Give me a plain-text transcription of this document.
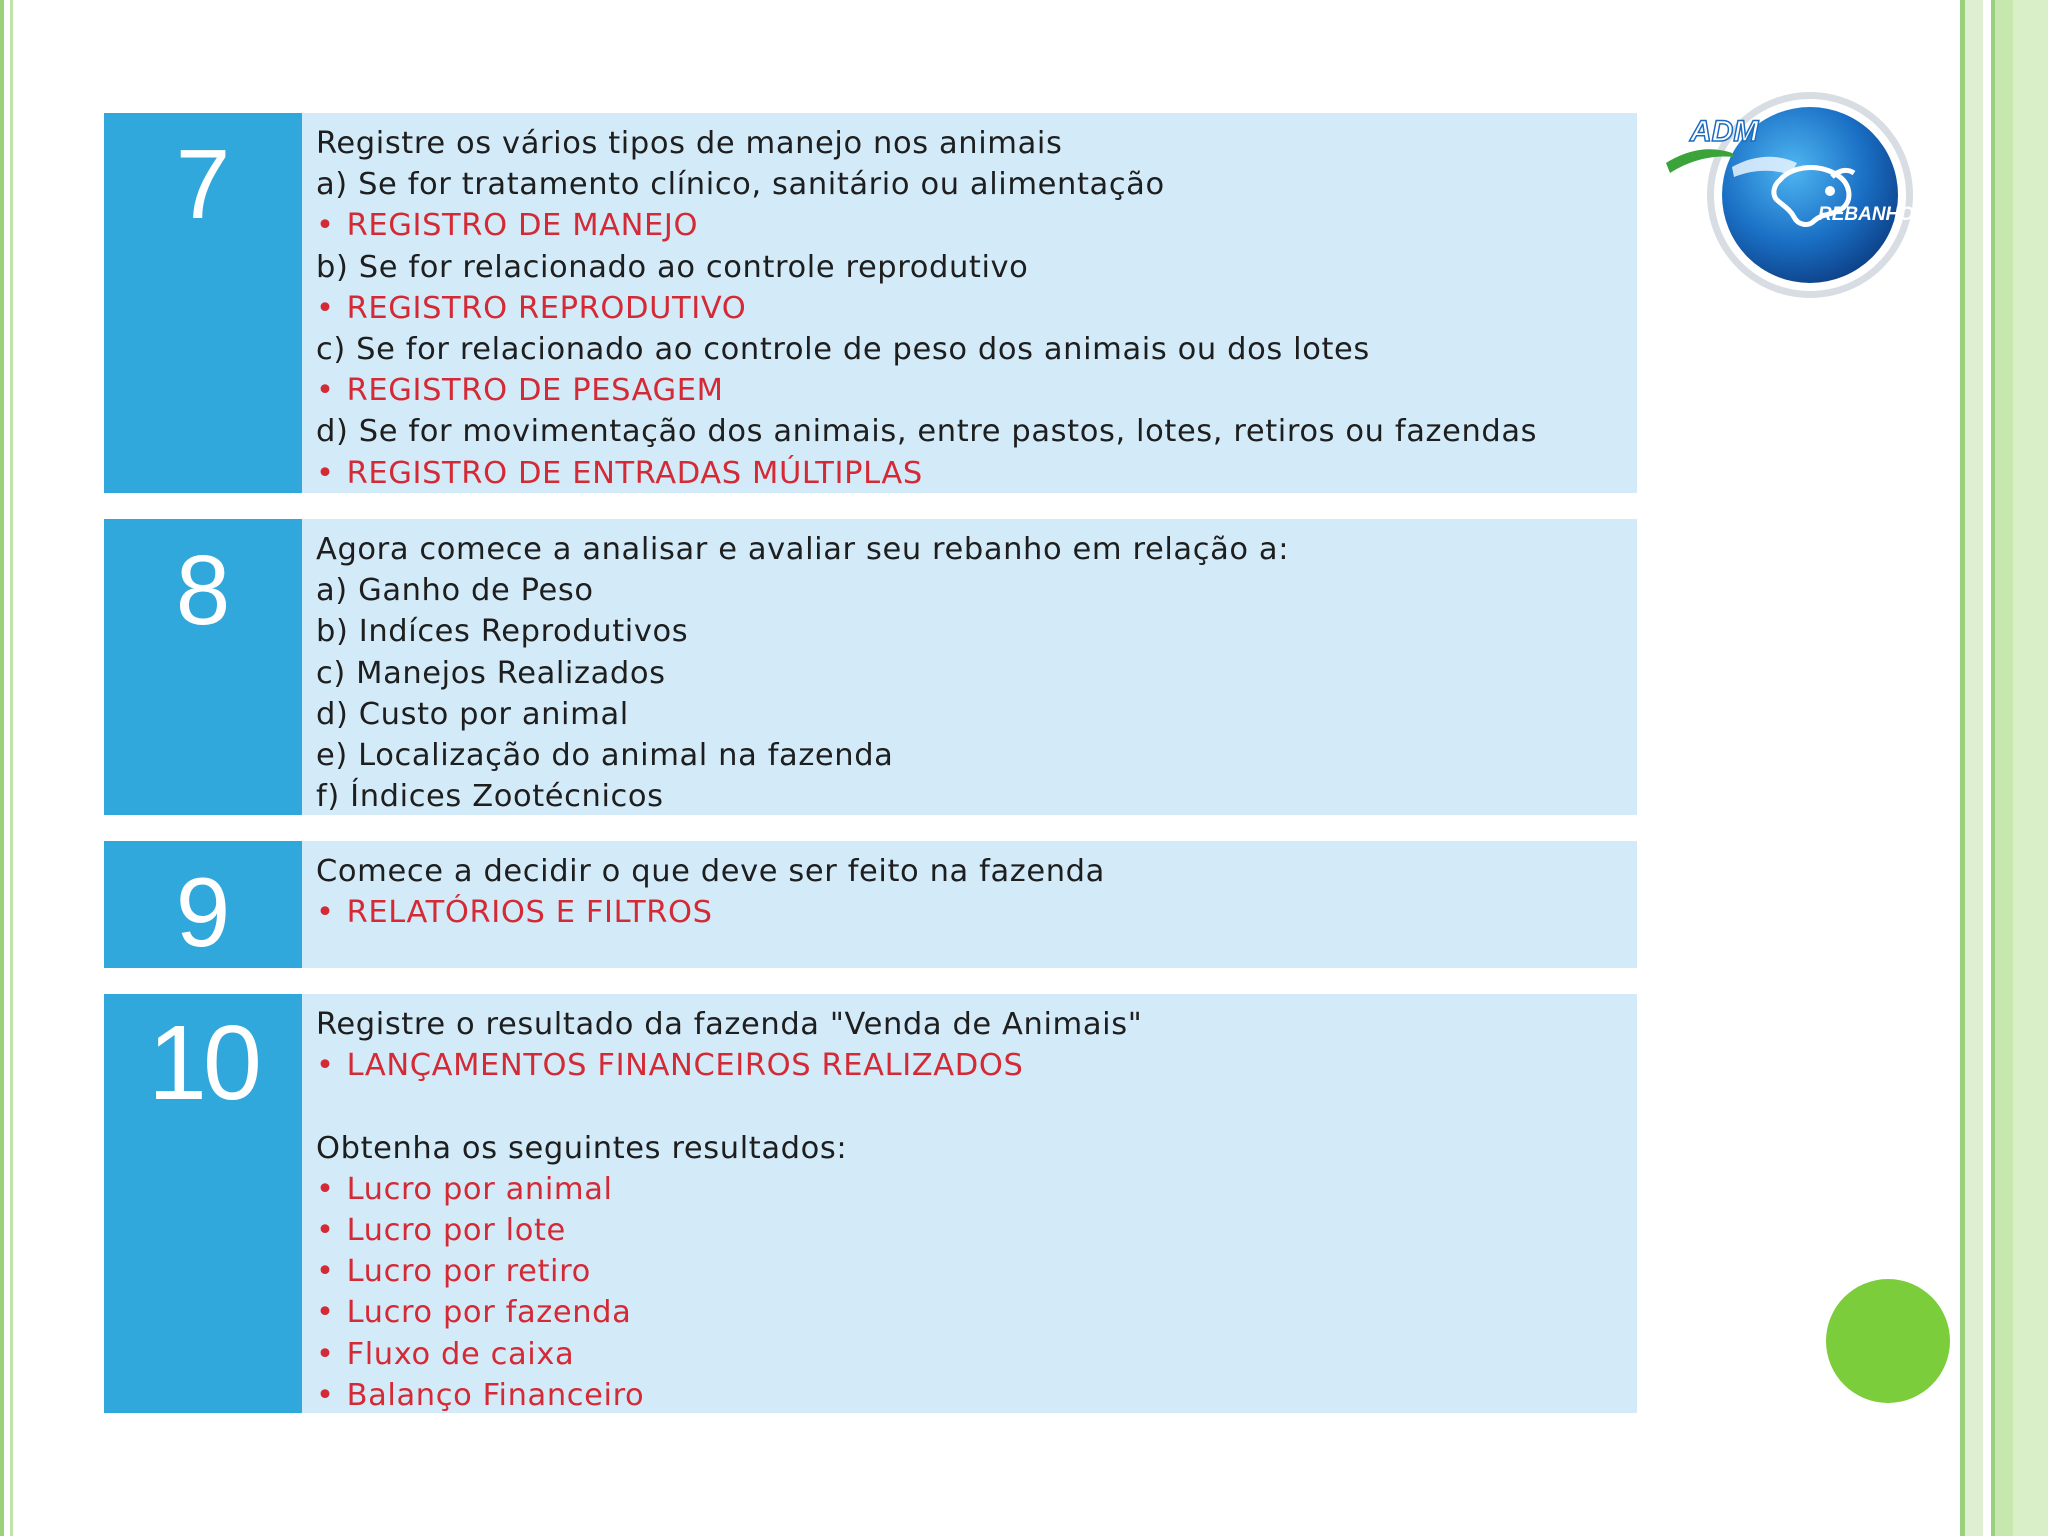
7	Registre os vários tipos de manejo nos animais
a) Se for tratamento clínico, sanitário ou alimentação
• REGISTRO DE MANEJO
b) Se for relacionado ao controle reprodutivo
• REGISTRO REPRODUTIVO
c) Se for relacionado ao controle de peso dos animais ou dos lotes
• REGISTRO DE PESAGEM
d) Se for movimentação dos animais, entre pastos, lotes, retiros ou fazendas
• REGISTRO DE ENTRADAS MÚLTIPLAS
8	Agora comece a analisar e avaliar seu rebanho em relação a:
a) Ganho de Peso
b) Indíces Reprodutivos
c) Manejos Realizados
d) Custo por animal
e) Localização do animal na fazenda
f) Índices Zootécnicos
9	Comece a decidir o que deve ser feito na fazenda
• RELATÓRIOS E FILTROS
10	Registre o resultado da fazenda "Venda de Animais"
• LANÇAMENTOS FINANCEIROS REALIZADOS
Obtenha os seguintes resultados:
• Lucro por animal
• Lucro por lote
• Lucro por retiro
• Lucro por fazenda
• Fluxo de caixa
• Balanço Financeiro
ADM
REBANHO
